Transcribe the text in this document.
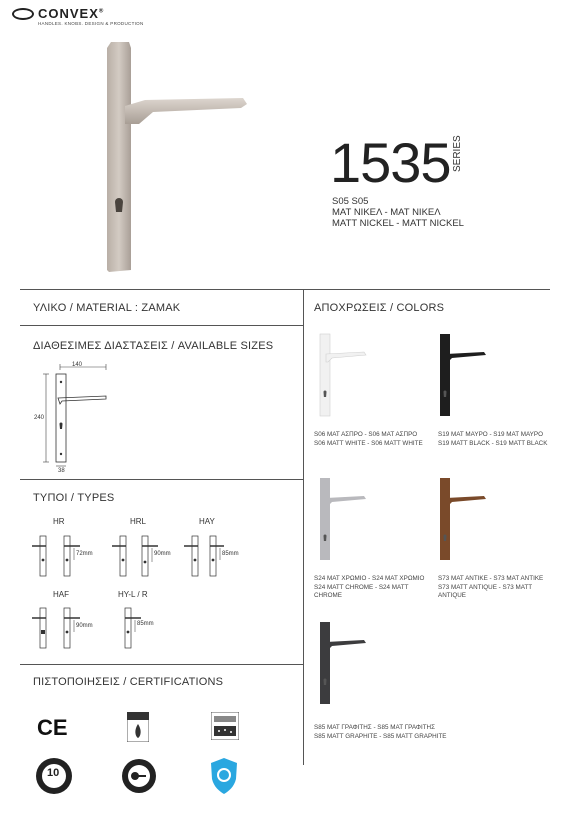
CONVEX®
HANDLES. KNOBS. DESIGN & PRODUCTION
1535 SERIES
S05 S05
ΜΑΤ ΝΙΚΕΛ - ΜΑΤ ΝΙΚΕΛ
MATT NICKEL - MATT NICKEL
ΥΛΙΚΟ / MATERIAL : ZAMAK
ΔΙΑΘΕΣΙΜΕΣ ΔΙΑΣΤΑΣΕΙΣ / AVAILABLE SIZES
140
240
38
ΤΥΠΟΙ / TYPES
HR
72mm
HRL
90mm
HAY
85mm
HAF
90mm
HY-L / R
85mm
ΠΙΣΤΟΠΟΙΗΣΕΙΣ / CERTIFICATIONS
CE
10
ΑΠΟΧΡΩΣΕΙΣ / COLORS
S06 ΜΑΤ ΑΣΠΡΟ - S06 ΜΑΤ ΑΣΠΡΟ
S06 MATT WHITE - S06 MATT WHITE
S19 ΜΑΤ ΜΑΥΡΟ - S19 ΜΑΤ ΜΑΥΡΟ
S19 MATT BLACK - S19 MATT BLACK
S24 ΜΑΤ ΧΡΩΜΙΟ - S24 ΜΑΤ ΧΡΩΜΙΟ
S24 MATT CHROME - S24 MATT
CHROME
S73 ΜΑΤ ΑΝΤΙΚΕ - S73 ΜΑΤ ΑΝΤΙΚΕ
S73 MATT ANTIQUE - S73 MATT
ANTIQUE
S85 ΜΑΤ ΓΡΑΦΙΤΗΣ - S85 ΜΑΤ ΓΡΑΦΙΤΗΣ
S85 MATT GRAPHITE - S85 MATT GRAPHITE
